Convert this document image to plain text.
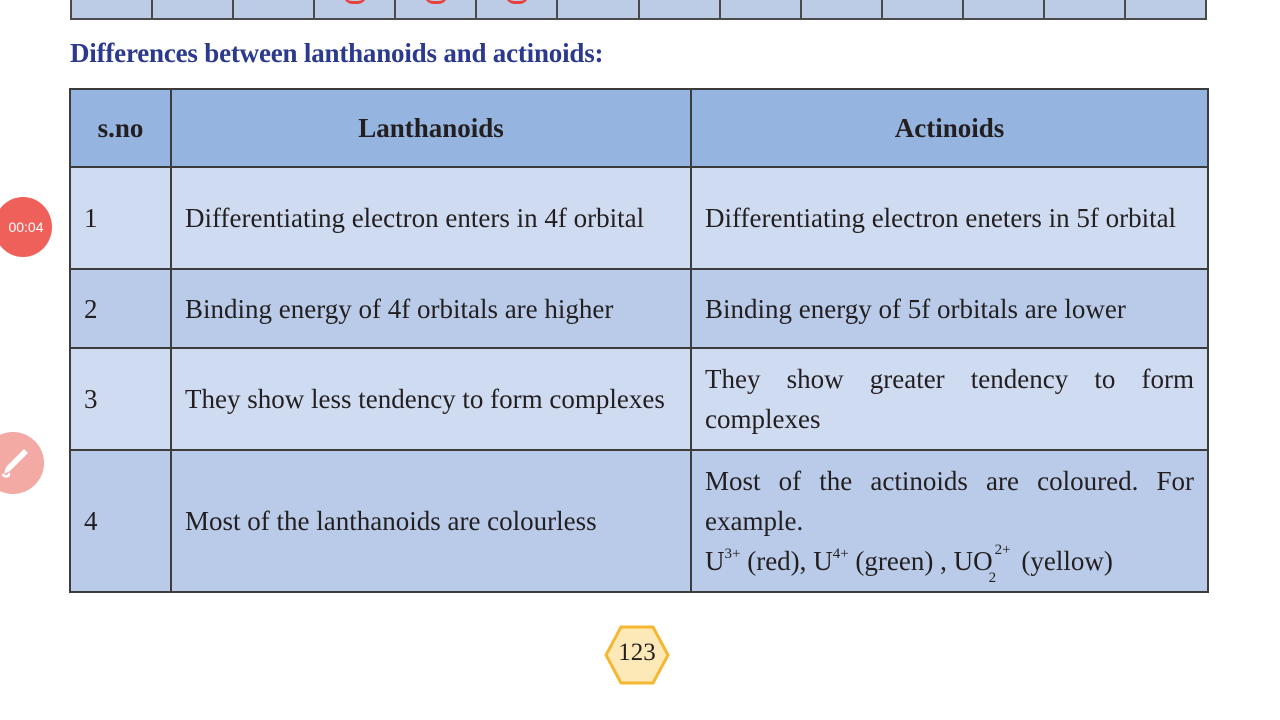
Differences between lanthanoids and actinoids:
s.no	Lanthanoids	Actinoids
1	Differentiating electron enters in 4f orbital	Differentiating electron eneters in 5f orbital
2	Binding energy of 4f orbitals are higher	Binding energy of 5f orbitals are lower
3	They show less tendency to form complexes	They show greater tendency to form complexes
4	Most of the lanthanoids are colourless	Most of the actinoids are coloured. For example.
$U^{3+}$ (red), $U^{4+}$ (green) , UO 2+
2
(yellow)
123
00:04
